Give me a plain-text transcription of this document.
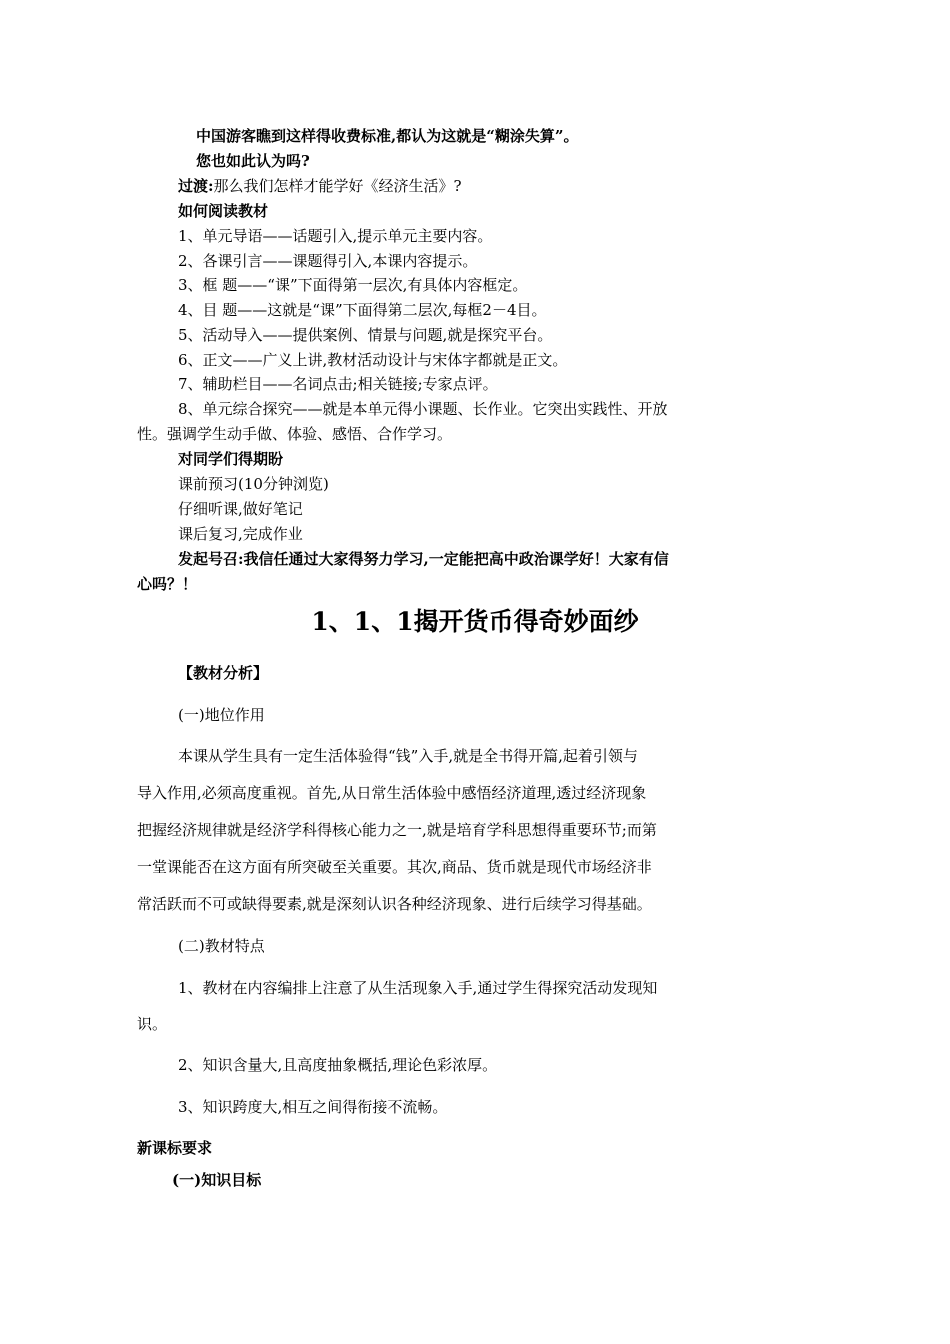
中国游客瞧到这样得收费标准,都认为这就是“糊涂失算”。
您也如此认为吗?
过渡:那么我们怎样才能学好《经济生活》?
如何阅读教材
1、单元导语——话题引入,提示单元主要内容。
2、各课引言——课题得引入,本课内容提示。
3、框 题——“课”下面得第一层次,有具体内容框定。
4、目 题——这就是“课”下面得第二层次,每框2－4目。
5、活动导入——提供案例、情景与问题,就是探究平台。
6、正文——广义上讲,教材活动设计与宋体字都就是正文。
7、辅助栏目——名词点击;相关链接;专家点评。
8、单元综合探究——就是本单元得小课题、长作业。它突出实践性、开放
性。强调学生动手做、体验、感悟、合作学习。
对同学们得期盼
课前预习(10分钟浏览)
仔细听课,做好笔记
课后复习,完成作业
发起号召:我信任通过大家得努力学习,一定能把高中政治课学好！大家有信
心吗？！
1、1、1揭开货币得奇妙面纱
【教材分析】
(一)地位作用
本课从学生具有一定生活体验得“钱”入手,就是全书得开篇,起着引领与
导入作用,必须高度重视。首先,从日常生活体验中感悟经济道理,透过经济现象
把握经济规律就是经济学科得核心能力之一,就是培育学科思想得重要环节;而第
一堂课能否在这方面有所突破至关重要。其次,商品、货币就是现代市场经济非
常活跃而不可或缺得要素,就是深刻认识各种经济现象、进行后续学习得基础。
(二)教材特点
1、教材在内容编排上注意了从生活现象入手,通过学生得探究活动发现知
识。
2、知识含量大,且高度抽象概括,理论色彩浓厚。
3、知识跨度大,相互之间得衔接不流畅。
新课标要求
(一)知识目标
